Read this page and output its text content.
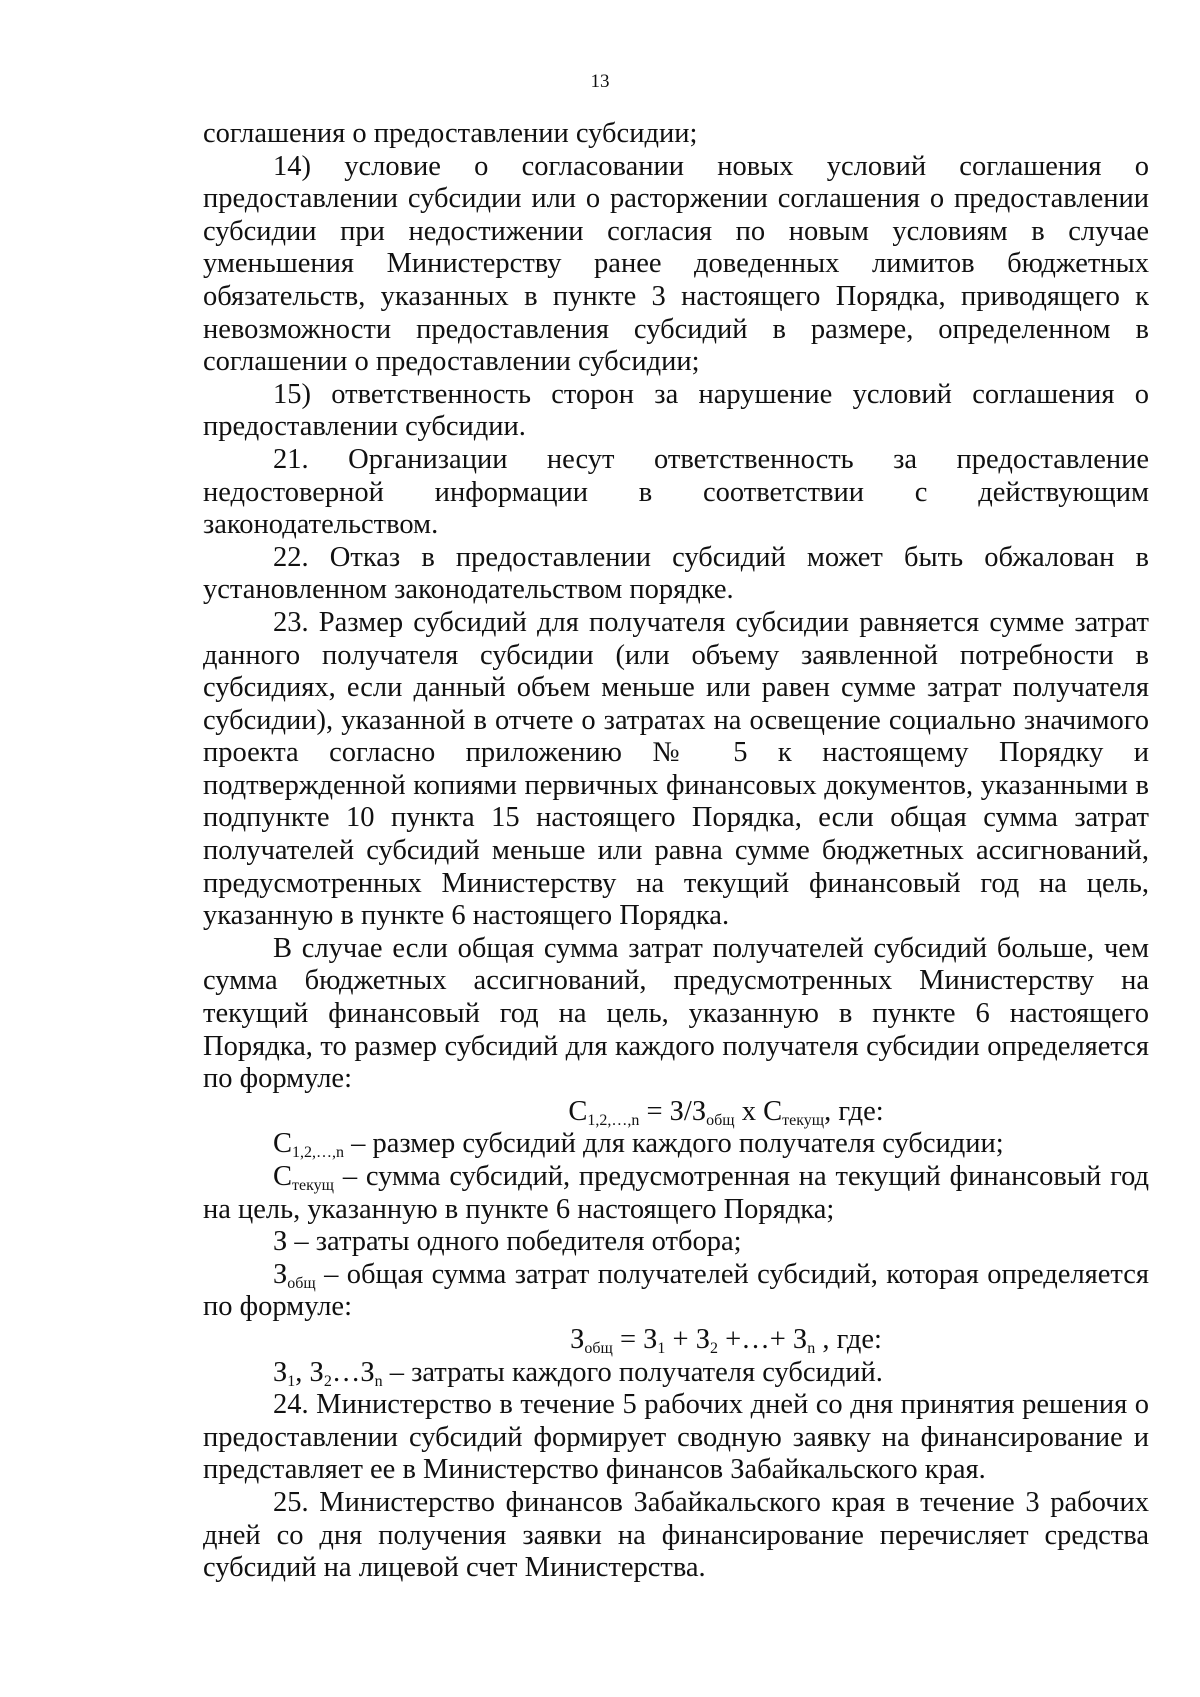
13

соглашения о предоставлении субсидии;

14) условие о согласовании новых условий соглашения о предоставлении субсидии или о расторжении соглашения о предоставлении субсидии при недостижении согласия по новым условиям в случае уменьшения Министерству ранее доведенных лимитов бюджетных обязательств, указанных в пункте 3 настоящего Порядка, приводящего к невозможности предоставления субсидий в размере, определенном в соглашении о предоставлении субсидии;

15) ответственность сторон за нарушение условий соглашения о предоставлении субсидии.

21. Организации несут ответственность за предоставление недостоверной информации в соответствии с действующим законодательством.

22. Отказ в предоставлении субсидий может быть обжалован в установленном законодательством порядке.

23. Размер субсидий для получателя субсидии равняется сумме затрат данного получателя субсидии (или объему заявленной потребности в субсидиях, если данный объем меньше или равен сумме затрат получателя субсидии), указанной в отчете о затратах на освещение социально значимого проекта согласно приложению № 5 к настоящему Порядку и подтвержденной копиями первичных финансовых документов, указанными в подпункте 10 пункта 15 настоящего Порядка, если общая сумма затрат получателей субсидий меньше или равна сумме бюджетных ассигнований, предусмотренных Министерству на текущий финансовый год на цель, указанную в пункте 6 настоящего Порядка.

В случае если общая сумма затрат получателей субсидий больше, чем сумма бюджетных ассигнований, предусмотренных Министерству на текущий финансовый год на цель, указанную в пункте 6 настоящего Порядка, то размер субсидий для каждого получателя субсидии определяется по формуле:

$С_{1,2,\dots,n} = З/З_{общ}$ х $С_{текущ}$, где:

$С_{1,2,\dots,n}$ – размер субсидий для каждого получателя субсидии;

$С_{текущ}$ – сумма субсидий, предусмотренная на текущий финансовый год на цель, указанную в пункте 6 настоящего Порядка;

З – затраты одного победителя отбора;

$З_{общ}$ – общая сумма затрат получателей субсидий, которая определяется по формуле:

$З_{общ} = З_1 + З_2$ +…+ $З_n$ , где:

$З_1$, $З_2\dots З_n$ – затраты каждого получателя субсидий.

24. Министерство в течение 5 рабочих дней со дня принятия решения о предоставлении субсидий формирует сводную заявку на финансирование и представляет ее в Министерство финансов Забайкальского края.

25. Министерство финансов Забайкальского края в течение 3 рабочих дней со дня получения заявки на финансирование перечисляет средства субсидий на лицевой счет Министерства.
